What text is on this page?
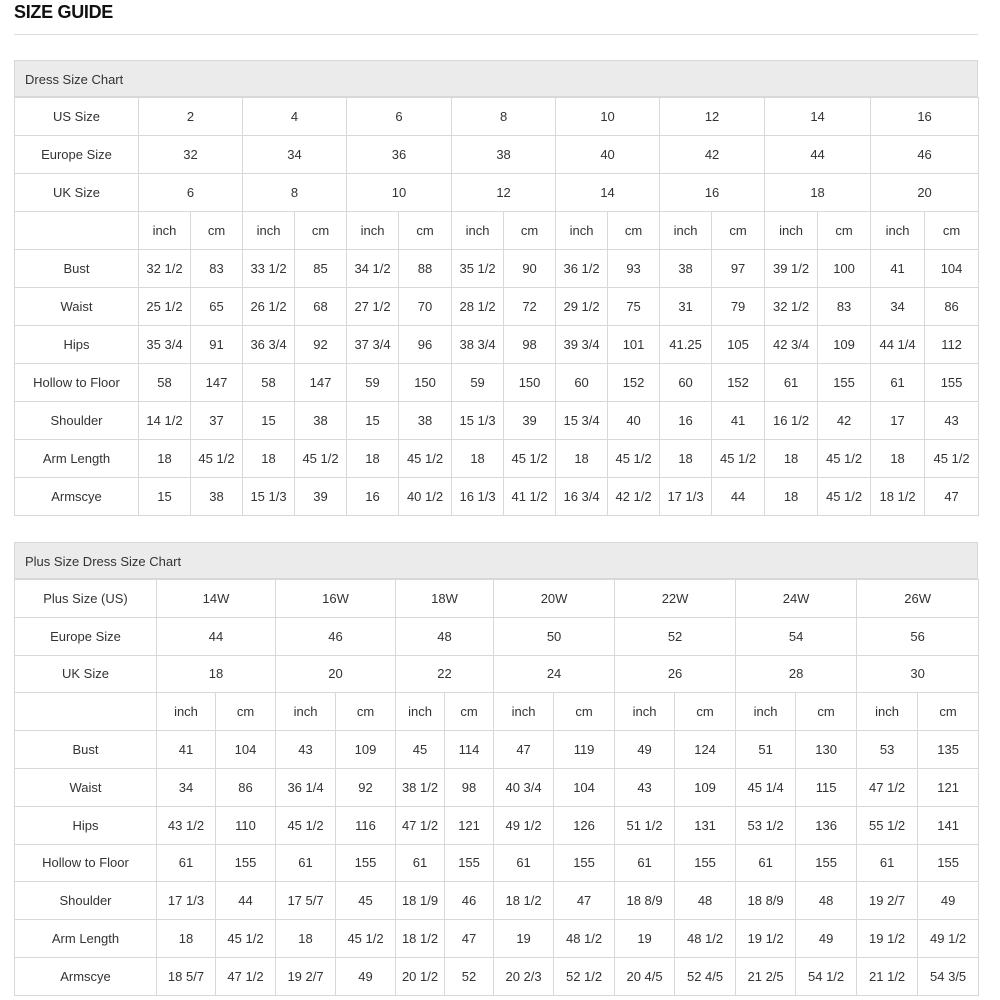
SIZE GUIDE
Dress Size Chart
US Size	2		4		6		8		10		12		14		16	
Europe Size	32		34		36		38		40		42		44		46	
UK Size	6		8		10		12		14		16		18		20	
	inch	cm	inch	cm	inch	cm	inch	cm	inch	cm	inch	cm	inch	cm	inch	cm
Bust	32 1/2	83	33 1/2	85	34 1/2	88	35 1/2	90	36 1/2	93	38	97	39 1/2	100	41	104
Waist	25 1/2	65	26 1/2	68	27 1/2	70	28 1/2	72	29 1/2	75	31	79	32 1/2	83	34	86
Hips	35 3/4	91	36 3/4	92	37 3/4	96	38 3/4	98	39 3/4	101	41.25	105	42 3/4	109	44 1/4	112
Hollow to Floor	58	147	58	147	59	150	59	150	60	152	60	152	61	155	61	155
Shoulder	14 1/2	37	15	38	15	38	15 1/3	39	15 3/4	40	16	41	16 1/2	42	17	43
Arm Length	18	45 1/2	18	45 1/2	18	45 1/2	18	45 1/2	18	45 1/2	18	45 1/2	18	45 1/2	18	45 1/2
Armscye	15	38	15 1/3	39	16	40 1/2	16 1/3	41 1/2	16 3/4	42 1/2	17 1/3	44	18	45 1/2	18 1/2	47
Plus Size Dress Size Chart
Plus Size (US)	14W		16W		18W		20W		22W		24W		26W	
Europe Size	44		46		48		50		52		54		56	
UK Size	18		20		22		24		26		28		30	
	inch	cm	inch	cm	inch	cm	inch	cm	inch	cm	inch	cm	inch	cm
Bust	41	104	43	109	45	114	47	119	49	124	51	130	53	135
Waist	34	86	36 1/4	92	38 1/2	98	40 3/4	104	43	109	45 1/4	115	47 1/2	121
Hips	43 1/2	110	45 1/2	116	47 1/2	121	49 1/2	126	51 1/2	131	53 1/2	136	55 1/2	141
Hollow to Floor	61	155	61	155	61	155	61	155	61	155	61	155	61	155
Shoulder	17 1/3	44	17 5/7	45	18 1/9	46	18 1/2	47	18 8/9	48	18 8/9	48	19 2/7	49
Arm Length	18	45 1/2	18	45 1/2	18 1/2	47	19	48 1/2	19	48 1/2	19 1/2	49	19 1/2	49 1/2
Armscye	18 5/7	47 1/2	19 2/7	49	20 1/2	52	20 2/3	52 1/2	20 4/5	52 4/5	21 2/5	54 1/2	21 1/2	54 3/5
